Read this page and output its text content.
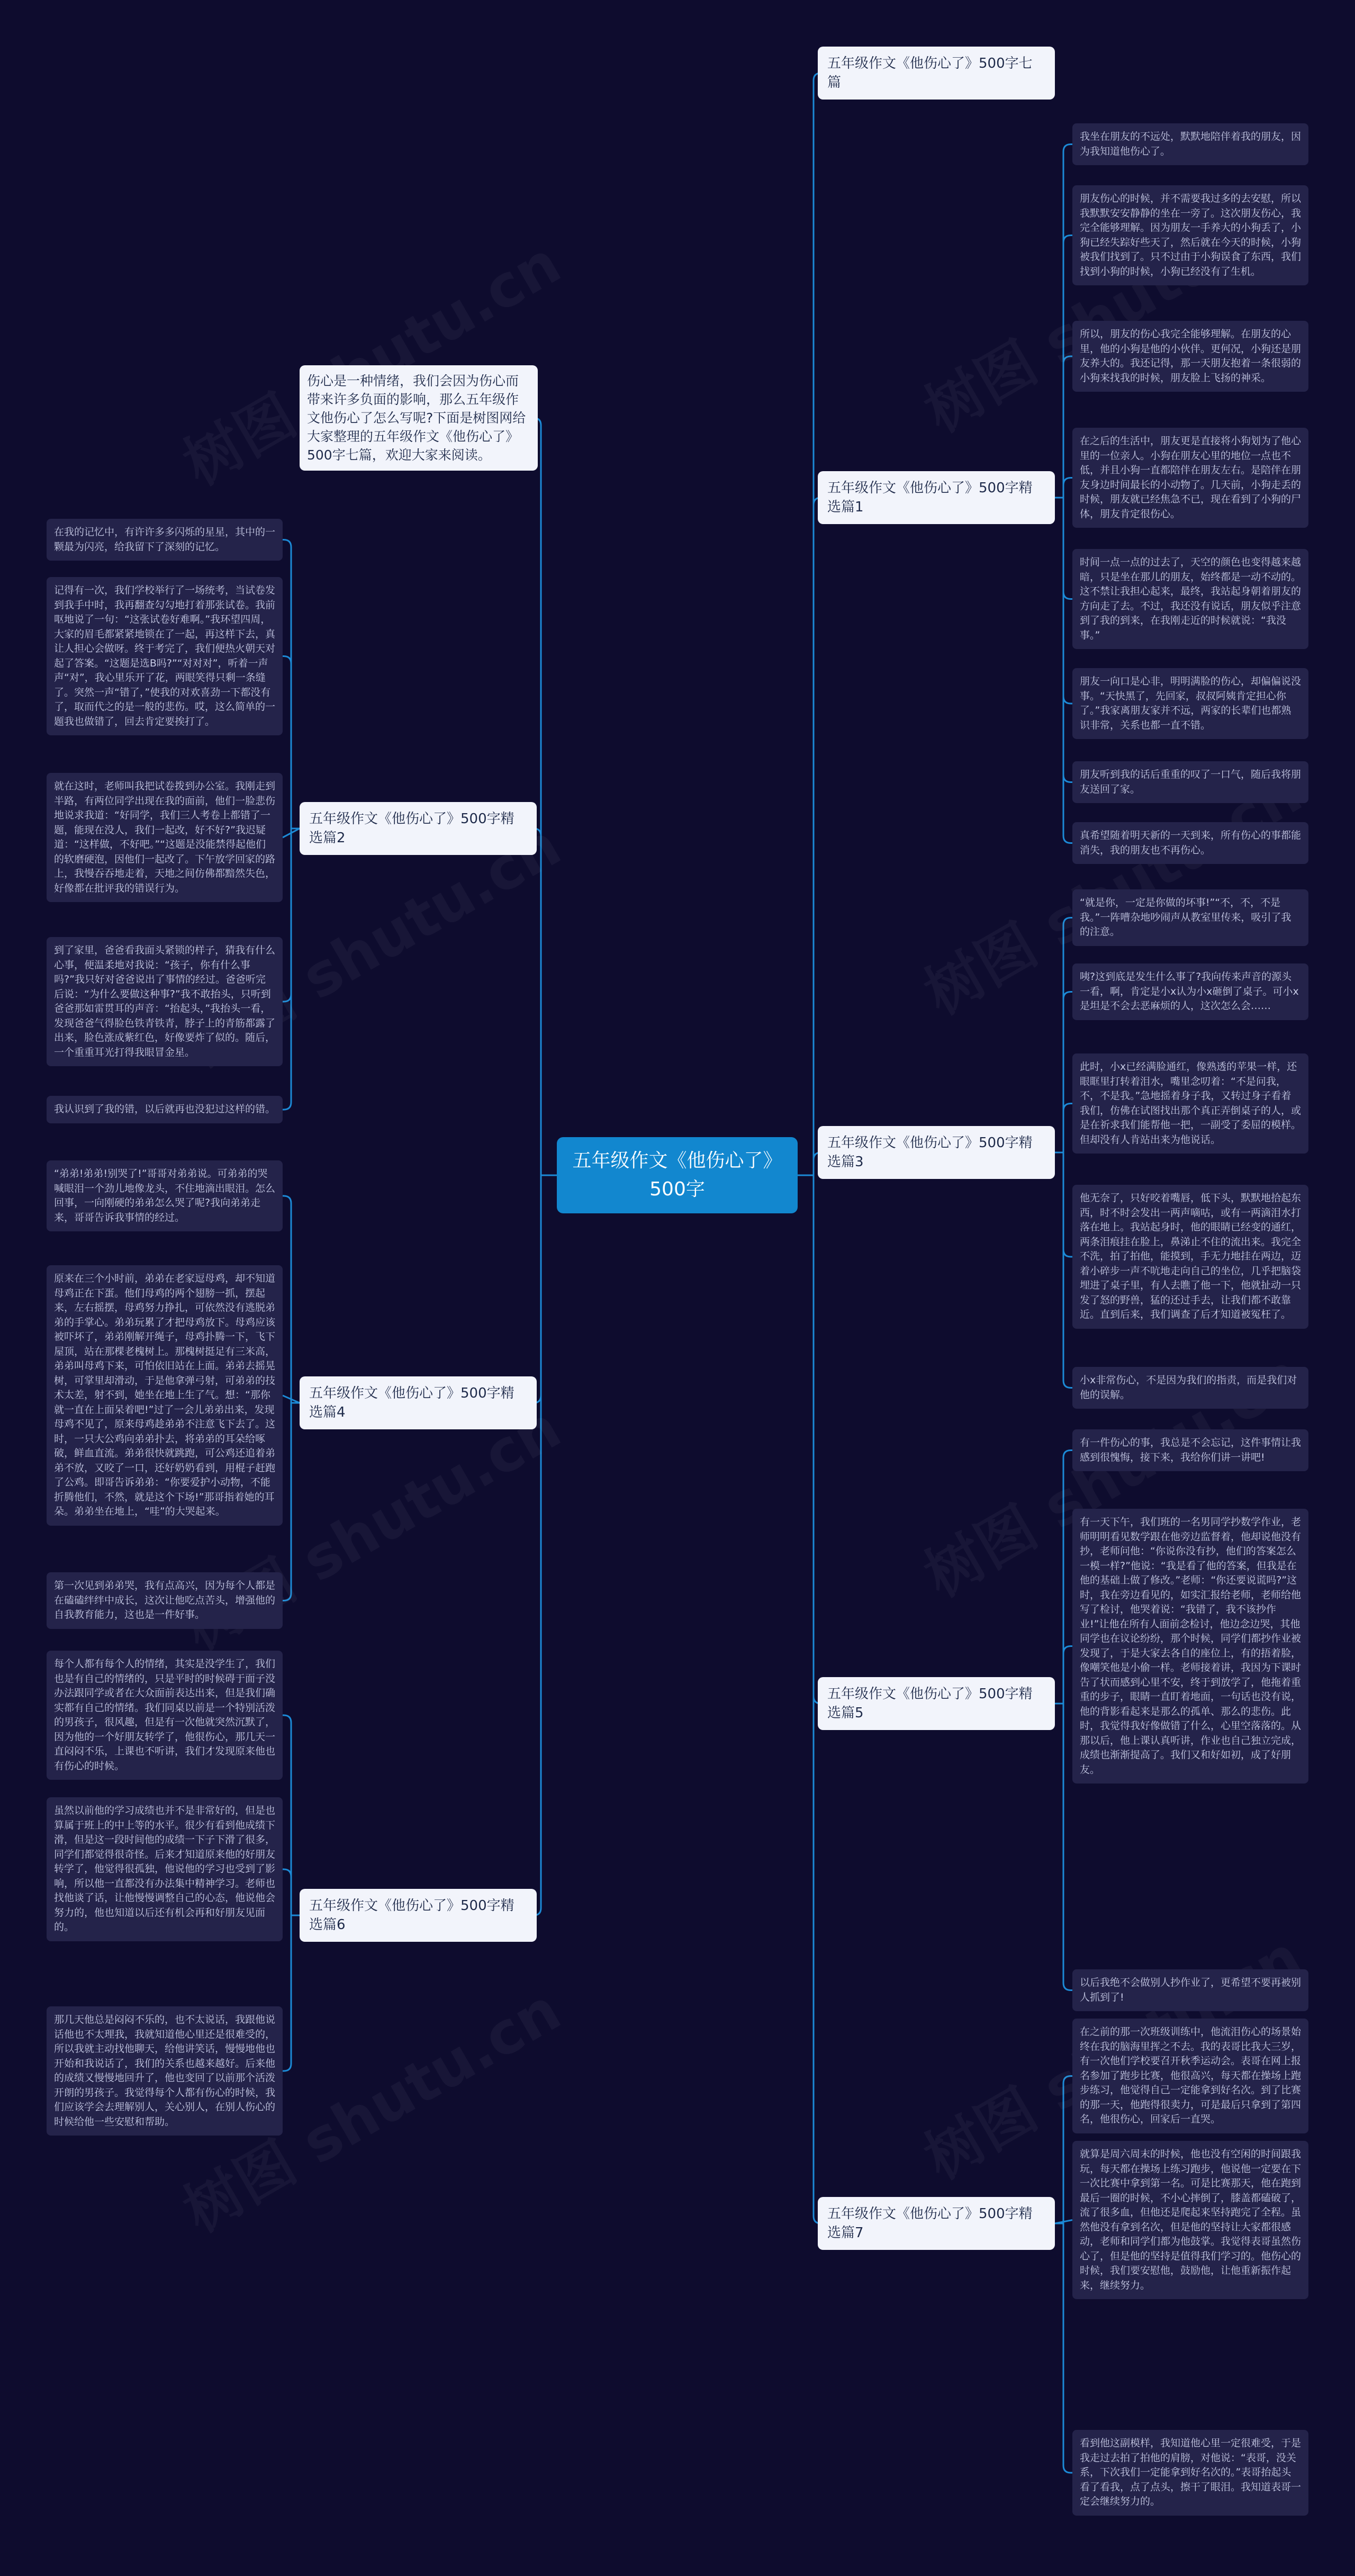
五年级作文《他伤心了》500字
伤心是一种情绪，我们会因为伤心而带来许多负面的影响，那么五年级作文他伤心了怎么写呢?下面是树图网给大家整理的五年级作文《他伤心了》500字七篇，欢迎大家来阅读。
五年级作文《他伤心了》500字七篇
五年级作文《他伤心了》500字精选篇1
五年级作文《他伤心了》500字精选篇2
五年级作文《他伤心了》500字精选篇3
五年级作文《他伤心了》500字精选篇4
五年级作文《他伤心了》500字精选篇5
五年级作文《他伤心了》500字精选篇6
五年级作文《他伤心了》500字精选篇7
我坐在朋友的不远处，默默地陪伴着我的朋友，因为我知道他伤心了。
朋友伤心的时候，并不需要我过多的去安慰，所以我默默安安静静的坐在一旁了。这次朋友伤心，我完全能够理解。因为朋友一手养大的小狗丢了，小狗已经失踪好些天了，然后就在今天的时候，小狗被我们找到了。只不过由于小狗误食了东西，我们找到小狗的时候，小狗已经没有了生机。
所以，朋友的伤心我完全能够理解。在朋友的心里，他的小狗是他的小伙伴。更何况，小狗还是朋友养大的。我还记得，那一天朋友抱着一条很弱的小狗来找我的时候，朋友脸上飞扬的神采。
在之后的生活中，朋友更是直接将小狗划为了他心里的一位亲人。小狗在朋友心里的地位一点也不低，并且小狗一直都陪伴在朋友左右。是陪伴在朋友身边时间最长的小动物了。几天前，小狗走丢的时候，朋友就已经焦急不已，现在看到了小狗的尸体，朋友肯定很伤心。
时间一点一点的过去了，天空的颜色也变得越来越暗，只是坐在那儿的朋友，始终都是一动不动的。这不禁让我担心起来，最终，我站起身朝着朋友的方向走了去。不过，我还没有说话，朋友似乎注意到了我的到来，在我刚走近的时候就说：“我没事。”
朋友一向口是心非，明明满脸的伤心，却偏偏说没事。“天快黑了，先回家，叔叔阿姨肯定担心你了。”我家离朋友家并不远，两家的长辈们也都熟识非常，关系也都一直不错。
朋友听到我的话后重重的叹了一口气，随后我将朋友送回了家。
真希望随着明天新的一天到来，所有伤心的事都能消失，我的朋友也不再伤心。
在我的记忆中，有许许多多闪烁的星星，其中的一颗最为闪亮，给我留下了深刻的记忆。
记得有一次，我们学校举行了一场统考，当试卷发到我手中时，我再翻查勾勾地打着那张试卷。我前呕地说了一句：“这张试卷好难啊。”我环望四周，大家的眉毛都紧紧地锁在了一起，再这样下去，真让人担心会做呀。终于考完了，我们便热火朝天对起了答案。“这题是选B吗?”“对对对”，听着一声声“对”，我心里乐开了花，两眼笑得只剩一条缝了。突然一声“错了，”使我的对欢喜劲一下都没有了，取而代之的是一般的悲伤。哎，这么简单的一题我也做错了，回去肯定要挨打了。
就在这时，老师叫我把试卷拨到办公室。我刚走到半路，有两位同学出现在我的面前，他们一脸悲伤地说求我道：“好同学，我们三人考卷上都错了一题，能现在没人，我们一起改，好不好?”我迟疑道：“这样做，不好吧。”“这题是没能禁得起他们的软磨硬泡，因他们一起改了。下午放学回家的路上，我慢吞吞地走着，天地之间仿佛都黯然失色，好像都在批评我的错误行为。
到了家里，爸爸看我面头紧锁的样子，猜我有什么心事，便温柔地对我说：“孩子，你有什么事吗?”我只好对爸爸说出了事情的经过。爸爸听完后说：“为什么要做这种事?”我不敢抬头，只听到爸爸那如雷贯耳的声音：“抬起头，”我抬头一看，发现爸爸气得脸色铁青铁青，脖子上的青筋都露了出来，脸色涨成紫红色，好像要炸了似的。随后，一个重重耳光打得我眼冒金星。
我认识到了我的错，以后就再也没犯过这样的错。
“就是你，一定是你做的坏事!”“不，不，不是我。”一阵嘈杂地吵闹声从教室里传来，吸引了我的注意。
咦?这到底是发生什么事了?我向传来声音的源头一看，啊，肯定是小x认为小x砸倒了桌子。可小x是坦是不会去恶麻烦的人，这次怎么会……
此时，小x已经满脸通红，像熟透的苹果一样，还眼眶里打转着泪水，嘴里念叨着：“不是问我，不，不是我。”急地摇着身子我，又转过身子看着我们，仿佛在试图找出那个真正弄倒桌子的人，或是在祈求我们能帮他一把，一副受了委屈的模样。但却没有人肯站出来为他说话。
他无奈了，只好咬着嘴唇，低下头，默默地拾起东西，时不时会发出一两声嘀咕，或有一两滴泪水打落在地上。我站起身时，他的眼睛已经变的通红，两条泪痕挂在脸上，鼻涕止不住的流出来。我完全不洗，拍了拍他，能摸到，手无力地挂在两边，迈着小碎步一声不吭地走向自己的坐位，几乎把脑袋埋进了桌子里，有人去瞧了他一下，他就扯动一只发了怒的野兽，猛的还过手去，让我们都不敢靠近。直到后来，我们调查了后才知道被冤枉了。
小x非常伤心，不是因为我们的指责，而是我们对他的误解。
“弟弟!弟弟!别哭了!”哥哥对弟弟说。可弟弟的哭喊眼泪一个劲儿地像龙头，不住地滴出眼泪。怎么回事，一向刚硬的弟弟怎么哭了呢?我向弟弟走来，哥哥告诉我事情的经过。
原来在三个小时前，弟弟在老家逗母鸡，却不知道母鸡正在下蛋。他们母鸡的两个翅膀一抓，摆起来，左右摇摆，母鸡努力挣扎，可依然没有逃脱弟弟的手掌心。弟弟玩累了才把母鸡放下。母鸡应该被吓坏了，弟弟刚解开绳子，母鸡扑腾一下，飞下屋顶，站在那棵老槐树上。那槐树挺足有三米高，弟弟叫母鸡下来，可怕依旧站在上面。弟弟去摇晃树，可掌里却滑动，于是他拿弹弓射，可弟弟的技术太差，射不到，她坐在地上生了气。想：“那你就一直在上面呆着吧!”过了一会儿弟弟出来，发现母鸡不见了，原来母鸡趁弟弟不注意飞下去了。这时，一只大公鸡向弟弟扑去，将弟弟的耳朵给啄破，鲜血直流。弟弟很快就跳跑，可公鸡还追着弟弟不放，又咬了一口，还好奶奶看到，用棍子赶跑了公鸡。即哥告诉弟弟：“你要爱护小动物，不能折腾他们，不然，就是这个下场!”那哥指着她的耳朵。弟弟坐在地上，“哇”的大哭起来。
第一次见到弟弟哭，我有点高兴，因为每个人都是在磕磕绊绊中成长，这次让他吃点苦头，增强他的自我教育能力，这也是一件好事。
有一件伤心的事，我总是不会忘记，这件事情让我感到很愧悔，接下来，我给你们讲一讲吧!
有一天下午，我们班的一名男同学抄数学作业，老师明明看见数学跟在他旁边监督着，他却说他没有抄，老师问他：“你说你没有抄，他们的答案怎么一模一样?”他说：“我是看了他的答案，但我是在他的基础上做了修改。”老师：“你还要说谎吗?”这时，我在旁边看见的，如实汇报给老师，老师给他写了检讨，他哭着说：“我错了，我不该抄作业!”让他在所有人面前念检讨，他边念边哭，其他同学也在议论纷纷，那个时候，同学们都抄作业被发现了，于是大家去各自的座位上，有的捂着脸，像嘲笑他是小偷一样。老师接着讲，我因为下课时告了状而感到心里不安，终于到放学了，他拖着重重的步子，眼睛一直盯着地面，一句话也没有说，他的背影看起来是那么的孤单、那么的悲伤。此时，我觉得我好像做错了什么，心里空落落的。从那以后，他上课认真听讲，作业也自己独立完成，成绩也渐渐提高了。我们又和好如初，成了好朋友。
以后我绝不会做别人抄作业了，更希望不要再被别人抓到了!
每个人都有每个人的情绪，其实是没学生了，我们也是有自己的情绪的，只是平时的时候碍于面子没办法跟同学或者在大众面前表达出来，但是我们确实都有自己的情绪。我们同桌以前是一个特别活泼的男孩子，很风趣，但是有一次他就突然沉默了，因为他的一个好朋友转学了，他很伤心，那几天一直闷闷不乐，上课也不听讲，我们才发现原来他也有伤心的时候。
虽然以前他的学习成绩也并不是非常好的，但是也算属于班上的中上等的水平。很少有看到他成绩下滑，但是这一段时间他的成绩一下子下滑了很多，同学们都觉得很奇怪。后来才知道原来他的好朋友转学了，他觉得很孤独，他说他的学习也受到了影响，所以他一直都没有办法集中精神学习。老师也找他谈了话，让他慢慢调整自己的心态，他说他会努力的，他也知道以后还有机会再和好朋友见面的。
那几天他总是闷闷不乐的，也不太说话，我跟他说话他也不太理我，我就知道他心里还是很难受的，所以我就主动找他聊天，给他讲笑话，慢慢地他也开始和我说话了，我们的关系也越来越好。后来他的成绩又慢慢地回升了，他也变回了以前那个活泼开朗的男孩子。我觉得每个人都有伤心的时候，我们应该学会去理解别人，关心别人，在别人伤心的时候给他一些安慰和帮助。
在之前的那一次班级训练中，他流泪伤心的场景始终在我的脑海里挥之不去。我的表哥比我大三岁，有一次他们学校要召开秋季运动会。表哥在网上报名参加了跑步比赛，他很高兴，每天都在操场上跑步练习，他觉得自己一定能拿到好名次。到了比赛的那一天，他跑得很卖力，可是最后只拿到了第四名，他很伤心，回家后一直哭。
就算是周六周末的时候，他也没有空闲的时间跟我玩，每天都在操场上练习跑步，他说他一定要在下一次比赛中拿到第一名。可是比赛那天，他在跑到最后一圈的时候，不小心摔倒了，膝盖都磕破了，流了很多血，但他还是爬起来坚持跑完了全程。虽然他没有拿到名次，但是他的坚持让大家都很感动，老师和同学们都为他鼓掌。我觉得表哥虽然伤心了，但是他的坚持是值得我们学习的。他伤心的时候，我们要安慰他，鼓励他，让他重新振作起来，继续努力。
看到他这副模样，我知道他心里一定很难受，于是我走过去拍了拍他的肩膀，对他说：“表哥，没关系，下次我们一定能拿到好名次的。”表哥抬起头看了看我，点了点头，擦干了眼泪。我知道表哥一定会继续努力的。
